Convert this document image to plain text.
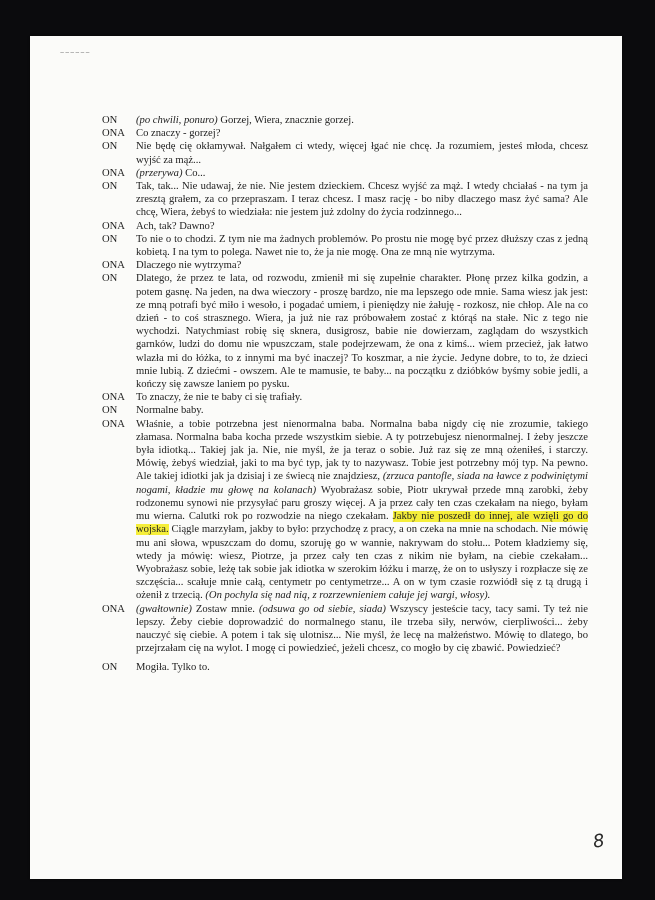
~~~~~~
ON	(po chwili, ponuro) Gorzej, Wiera, znacznie gorzej.
ONA	Co znaczy - gorzej?
ON	Nie będę cię okłamywał. Nałgałem ci wtedy, więcej łgać nie chcę. Ja rozumiem, jesteś młoda, chcesz wyjść za mąż...
ONA	(przerywa) Co...
ON	Tak, tak... Nie udawaj, że nie. Nie jestem dzieckiem. Chcesz wyjść za mąż. I wtedy chciałaś - na tym ja zresztą grałem, za co przepraszam. I teraz chcesz. I masz rację - bo niby dlaczego masz żyć sama? Ale chcę, Wiera, żebyś to wiedziała: nie jestem już zdolny do życia rodzinnego...
ONA	Ach, tak? Dawno?
ON	To nie o to chodzi. Z tym nie ma żadnych problemów. Po prostu nie mogę być przez dłuższy czas z jedną kobietą. I na tym to polega. Nawet nie to, że ja nie mogę. Ona ze mną nie wytrzyma.
ONA	Dlaczego nie wytrzyma?
ON	Dlatego, że przez te lata, od rozwodu, zmienił mi się zupełnie charakter. Płonę przez kilka godzin, a potem gasnę. Na jeden, na dwa wieczory - proszę bardzo, nie ma lepszego ode mnie. Sama wiesz jak jest: ze mną potrafi być miło i wesoło, i pogadać umiem, i pieniędzy nie żałuję - rozkosz, nie chłop. Ale na co dzień - to coś strasznego. Wiera, ja już nie raz próbowałem zostać z którąś na stałe. Nic z tego nie wychodzi. Natychmiast robię się sknera, dusigrosz, babie nie dowierzam, zaglądam do wszystkich garnków, ludzi do domu nie wpuszczam, stale podejrzewam, że ona z kimś... wiem przecież, jak łatwo wlazła mi do łóżka, to z innymi ma być inaczej? To koszmar, a nie życie. Jedyne dobre, to to, że dzieci mnie lubią. Z dziećmi - owszem. Ale te mamusie, te baby... na początku z dzióbków byśmy sobie jedli, a kończy się zawsze laniem po pysku.
ONA	To znaczy, że nie te baby ci się trafiały.
ON	Normalne baby.
ONA	Właśnie, a tobie potrzebna jest nienormalna baba. Normalna baba nigdy cię nie zrozumie, takiego złamasa. Normalna baba kocha przede wszystkim siebie. A ty potrzebujesz nienormalnej. I żeby jeszcze była idiotką... Takiej jak ja. Nie, nie myśl, że ja teraz o sobie. Już raz się ze mną ożeniłeś, i starczy. Mówię, żebyś wiedział, jaki to ma być typ, jak ty to nazywasz. Tobie jest potrzebny mój typ. Na pewno. Ale takiej idiotki jak ja dzisiaj i ze świecą nie znajdziesz, (zrzuca pantofle, siada na ławce z podwiniętymi nogami, kładzie mu głowę na kolanach) Wyobrażasz sobie, Piotr ukrywał przede mną zarobki, żeby rodzonemu synowi nie przysyłać paru groszy więcej. A ja przez cały ten czas czekałam na niego, byłam mu wierna. Calutki rok po rozwodzie na niego czekałam. Jakby nie poszedł do innej, ale wzięli go do wojska. Ciągle marzyłam, jakby to było: przychodzę z pracy, a on czeka na mnie na schodach. Nie mówię mu ani słowa, wpuszczam do domu, szoruję go w wannie, nakrywam do stołu... Potem kładziemy się, wtedy ja mówię: wiesz, Piotrze, ja przez cały ten czas z nikim nie byłam, na ciebie czekałam... Wyobrażasz sobie, leżę tak sobie jak idiotka w szerokim łóżku i marzę, że on to usłyszy i rozpłacze się ze szczęścia... scałuje mnie całą, centymetr po centymetrze... A on w tym czasie rozwiódł się z tą drugą i ożenił z trzecią. (On pochyla się nad nią, z rozrzewnieniem całuje jej wargi, włosy).
ONA	(gwałtownie) Zostaw mnie. (odsuwa go od siebie, siada) Wszyscy jesteście tacy, tacy sami. Ty też nie lepszy. Żeby ciebie doprowadzić do normalnego stanu, ile trzeba siły, nerwów, cierpliwości... żeby nauczyć się ciebie. A potem i tak się ulotnisz... Nie myśl, że lecę na małżeństwo. Mówię to dlatego, bo przejrzałam cię na wylot. I mogę ci powiedzieć, jeżeli chcesz, co mogło by cię zbawić. Powiedzieć?
ON	Mogiła. Tylko to.
8
